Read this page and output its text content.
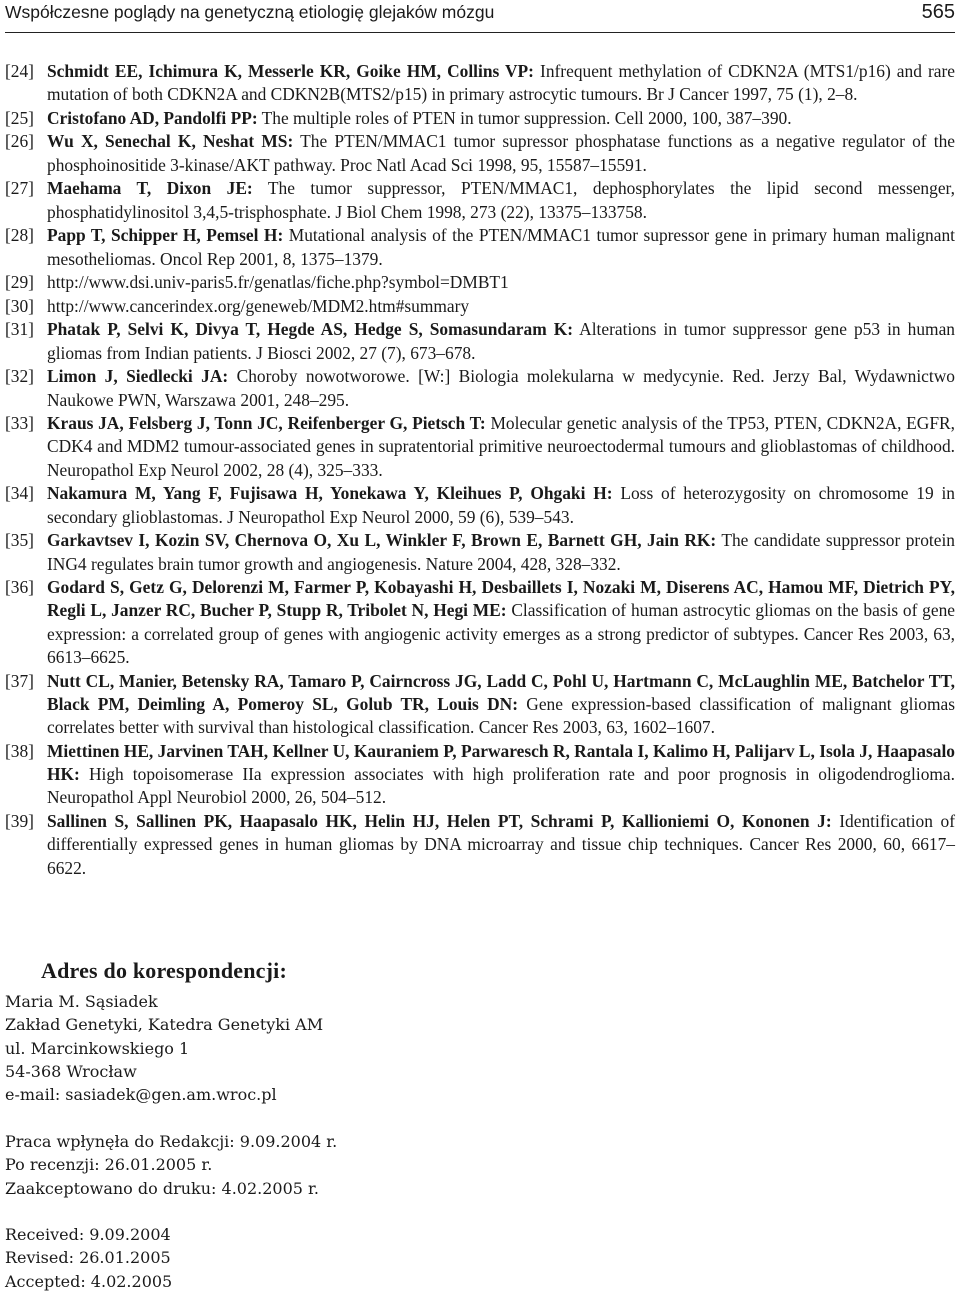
Współczesne poglądy na genetyczną etiologię glejaków mózgu	565
[24] Schmidt EE, Ichimura K, Messerle KR, Goike HM, Collins VP: Infrequent methylation of CDKN2A (MTS1/p16) and rare mutation of both CDKN2A and CDKN2B(MTS2/p15) in primary astrocytic tumours. Br J Cancer 1997, 75 (1), 2–8.
[25] Cristofano AD, Pandolfi PP: The multiple roles of PTEN in tumor suppression. Cell 2000, 100, 387–390.
[26] Wu X, Senechal K, Neshat MS: The PTEN/MMAC1 tumor supressor phosphatase functions as a negative regulator of the phosphoinositide 3-kinase/AKT pathway. Proc Natl Acad Sci 1998, 95, 15587–15591.
[27] Maehama T, Dixon JE: The tumor suppressor, PTEN/MMAC1, dephosphorylates the lipid second messenger, phosphatidylinositol 3,4,5-trisphosphate. J Biol Chem 1998, 273 (22), 13375–133758.
[28] Papp T, Schipper H, Pemsel H: Mutational analysis of the PTEN/MMAC1 tumor supressor gene in primary human malignant mesotheliomas. Oncol Rep 2001, 8, 1375–1379.
[29] http://www.dsi.univ-paris5.fr/genatlas/fiche.php?symbol=DMBT1
[30] http://www.cancerindex.org/geneweb/MDM2.htm#summary
[31] Phatak P, Selvi K, Divya T, Hegde AS, Hedge S, Somasundaram K: Alterations in tumor suppressor gene p53 in human gliomas from Indian patients. J Biosci 2002, 27 (7), 673–678.
[32] Limon J, Siedlecki JA: Choroby nowotworowe. [W:] Biologia molekularna w medycynie. Red. Jerzy Bal, Wydawnictwo Naukowe PWN, Warszawa 2001, 248–295.
[33] Kraus JA, Felsberg J, Tonn JC, Reifenberger G, Pietsch T: Molecular genetic analysis of the TP53, PTEN, CDKN2A, EGFR, CDK4 and MDM2 tumour-associated genes in supratentorial primitive neuroectodermal tumours and glioblastomas of childhood. Neuropathol Exp Neurol 2002, 28 (4), 325–333.
[34] Nakamura M, Yang F, Fujisawa H, Yonekawa Y, Kleihues P, Ohgaki H: Loss of heterozygosity on chromosome 19 in secondary glioblastomas. J Neuropathol Exp Neurol 2000, 59 (6), 539–543.
[35] Garkavtsev I, Kozin SV, Chernova O, Xu L, Winkler F, Brown E, Barnett GH, Jain RK: The candidate suppressor protein ING4 regulates brain tumor growth and angiogenesis. Nature 2004, 428, 328–332.
[36] Godard S, Getz G, Delorenzi M, Farmer P, Kobayashi H, Desbaillets I, Nozaki M, Diserens AC, Hamou MF, Dietrich PY, Regli L, Janzer RC, Bucher P, Stupp R, Tribolet N, Hegi ME: Classification of human astrocytic gliomas on the basis of gene expression: a correlated group of genes with angiogenic activity emerges as a strong predictor of subtypes. Cancer Res 2003, 63, 6613–6625.
[37] Nutt CL, Manier, Betensky RA, Tamaro P, Cairncross JG, Ladd C, Pohl U, Hartmann C, McLaughlin ME, Batchelor TT, Black PM, Deimling A, Pomeroy SL, Golub TR, Louis DN: Gene expression-based classification of malignant gliomas correlates better with survival than histological classification. Cancer Res 2003, 63, 1602–1607.
[38] Miettinen HE, Jarvinen TAH, Kellner U, Kauraniem P, Parwaresch R, Rantala I, Kalimo H, Palijarv L, Isola J, Haapasalo HK: High topoisomerase IIa expression associates with high proliferation rate and poor prognosis in oligodendroglioma. Neuropathol Appl Neurobiol 2000, 26, 504–512.
[39] Sallinen S, Sallinen PK, Haapasalo HK, Helin HJ, Helen PT, Schrami P, Kallioniemi O, Kononen J: Identification of differentially expressed genes in human gliomas by DNA microarray and tissue chip techniques. Cancer Res 2000, 60, 6617–6622.
Adres do korespondencji:
Maria M. Sąsiadek
Zakład Genetyki, Katedra Genetyki AM
ul. Marcinkowskiego 1
54-368 Wrocław
e-mail: sasiadek@gen.am.wroc.pl
Praca wpłynęła do Redakcji: 9.09.2004 r.
Po recenzji: 26.01.2005 r.
Zaakceptowano do druku: 4.02.2005 r.
Received: 9.09.2004
Revised: 26.01.2005
Accepted: 4.02.2005
